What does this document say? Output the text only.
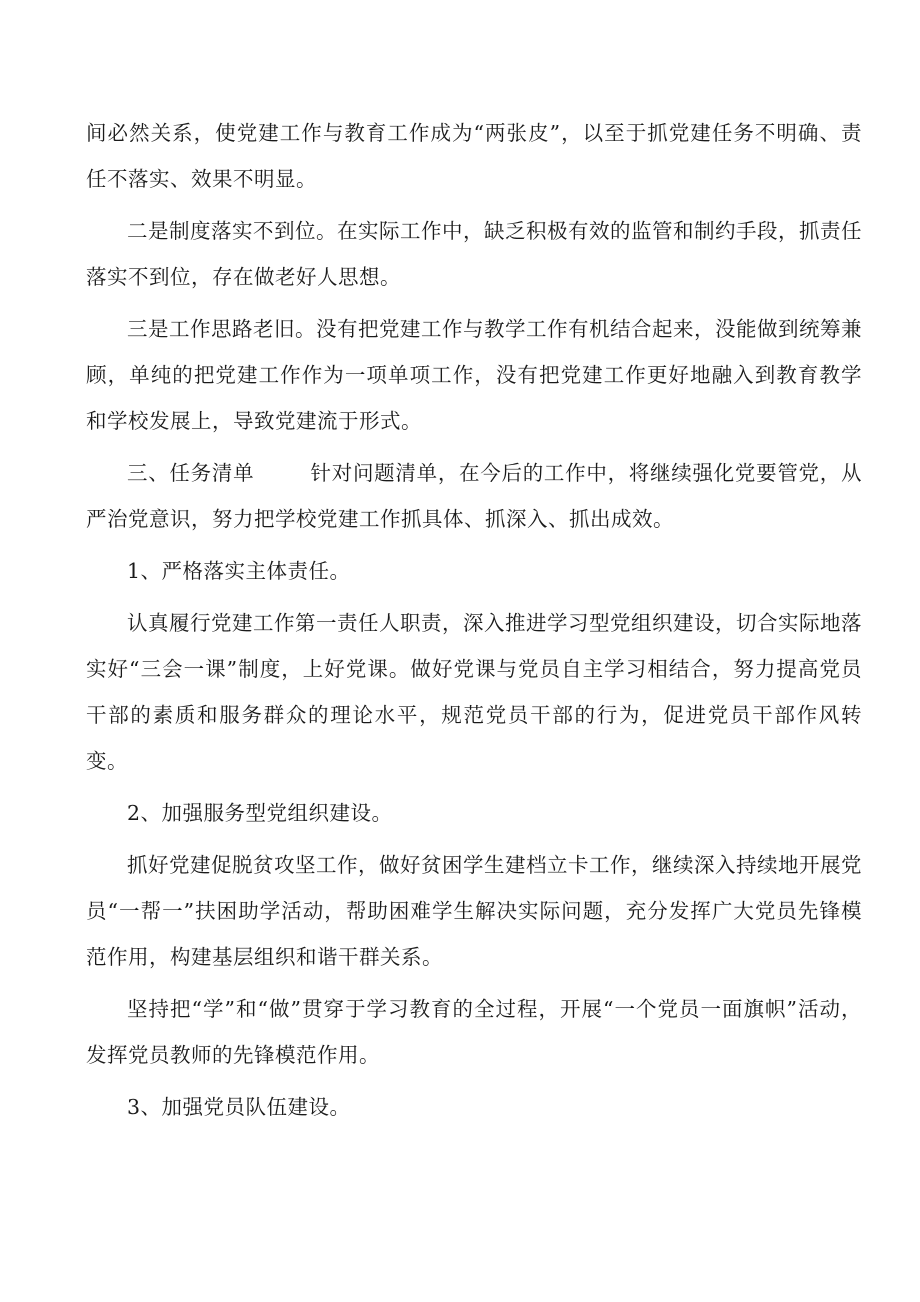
间必然关系，使党建工作与教育工作成为“两张皮”，以至于抓党建任务不明确、责任不落实、效果不明显。

二是制度落实不到位。在实际工作中，缺乏积极有效的监管和制约手段，抓责任落实不到位，存在做老好人思想。

三是工作思路老旧。没有把党建工作与教学工作有机结合起来，没能做到统筹兼顾，单纯的把党建工作作为一项单项工作，没有把党建工作更好地融入到教育教学和学校发展上，导致党建流于形式。

三、任务清单	针对问题清单，在今后的工作中，将继续强化党要管党，从严治党意识，努力把学校党建工作抓具体、抓深入、抓出成效。

1、严格落实主体责任。

认真履行党建工作第一责任人职责，深入推进学习型党组织建设，切合实际地落实好“三会一课”制度，上好党课。做好党课与党员自主学习相结合，努力提高党员干部的素质和服务群众的理论水平，规范党员干部的行为，促进党员干部作风转变。

2、加强服务型党组织建设。

抓好党建促脱贫攻坚工作，做好贫困学生建档立卡工作，继续深入持续地开展党员“一帮一”扶困助学活动，帮助困难学生解决实际问题，充分发挥广大党员先锋模范作用，构建基层组织和谐干群关系。

坚持把“学”和“做”贯穿于学习教育的全过程，开展“一个党员一面旗帜”活动，发挥党员教师的先锋模范作用。

3、加强党员队伍建设。
